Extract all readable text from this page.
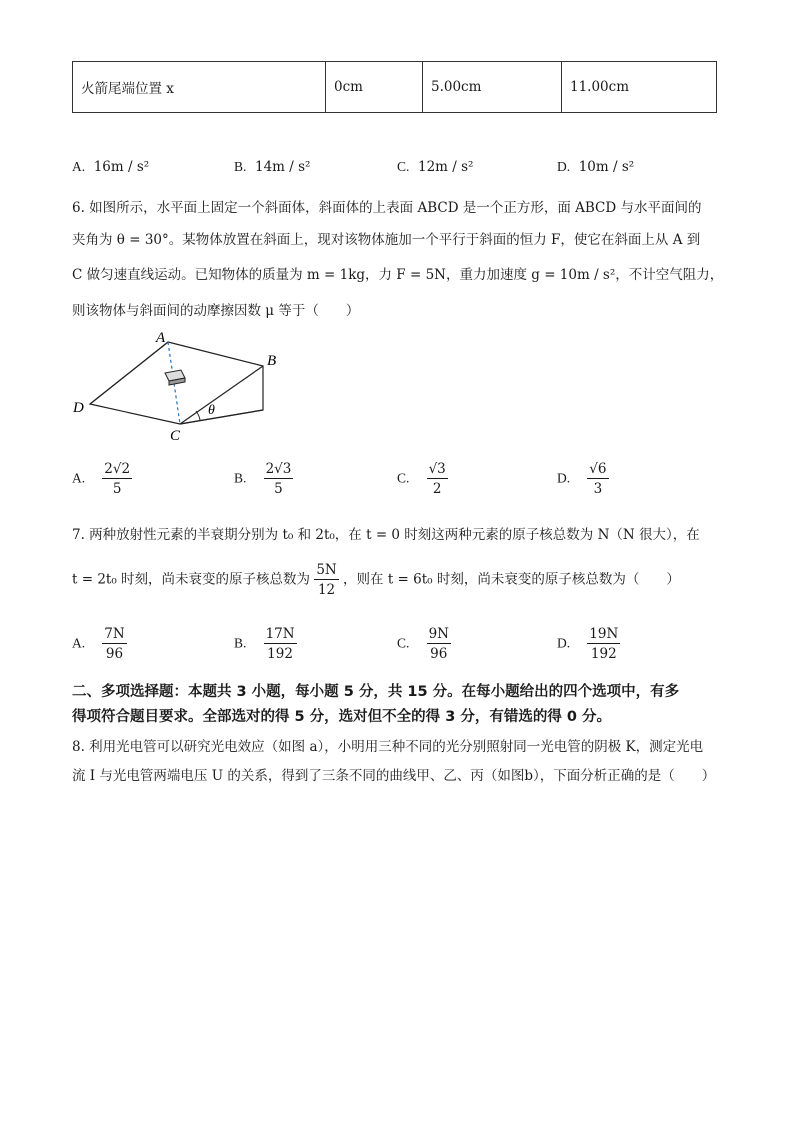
火箭尾端位置 x	0cm	5.00cm	11.00cm
A. 16m / s²	B. 14m / s²	C. 12m / s²	D. 10m / s²
6. 如图所示，水平面上固定一个斜面体，斜面体的上表面 ABCD 是一个正方形，面 ABCD 与水平面间的
夹角为 θ = 30°。某物体放置在斜面上，现对该物体施加一个平行于斜面的恒力 F，使它在斜面上从 A 到
C 做匀速直线运动。已知物体的质量为 m = 1kg，力 F = 5N，重力加速度 g = 10m / s²，不计空气阻力，
则该物体与斜面间的动摩擦因数 μ 等于（　　）
A
B
C
D	θ
A. $\frac{2√2}{5}$	B. $\frac{2√3}{5}$	C. $\frac{√3}{2}$	D. $\frac{√6}{3}$
7. 两种放射性元素的半衰期分别为 t₀ 和 2t₀，在 t = 0 时刻这两种元素的原子核总数为 N（N 很大），在
t = 2t₀ 时刻，尚未衰变的原子核总数为 $\frac{5N}{12}$ ，则在 t = 6t₀ 时刻，尚未衰变的原子核总数为（　　）
A. $\frac{7N}{96}$	B. $\frac{17N}{192}$	C. $\frac{9N}{96}$	D. $\frac{19N}{192}$
二、多项选择题：本题共 3 小题，每小题 5 分，共 15 分。在每小题给出的四个选项中，有多
得项符合题目要求。全部选对的得 5 分，选对但不全的得 3 分，有错选的得 0 分。
8. 利用光电管可以研究光电效应（如图 a），小明用三种不同的光分别照射同一光电管的阴极 K，测定光电
流 I 与光电管两端电压 U 的关系，得到了三条不同的曲线甲、乙、丙（如图b），下面分析正确的是（　　）
